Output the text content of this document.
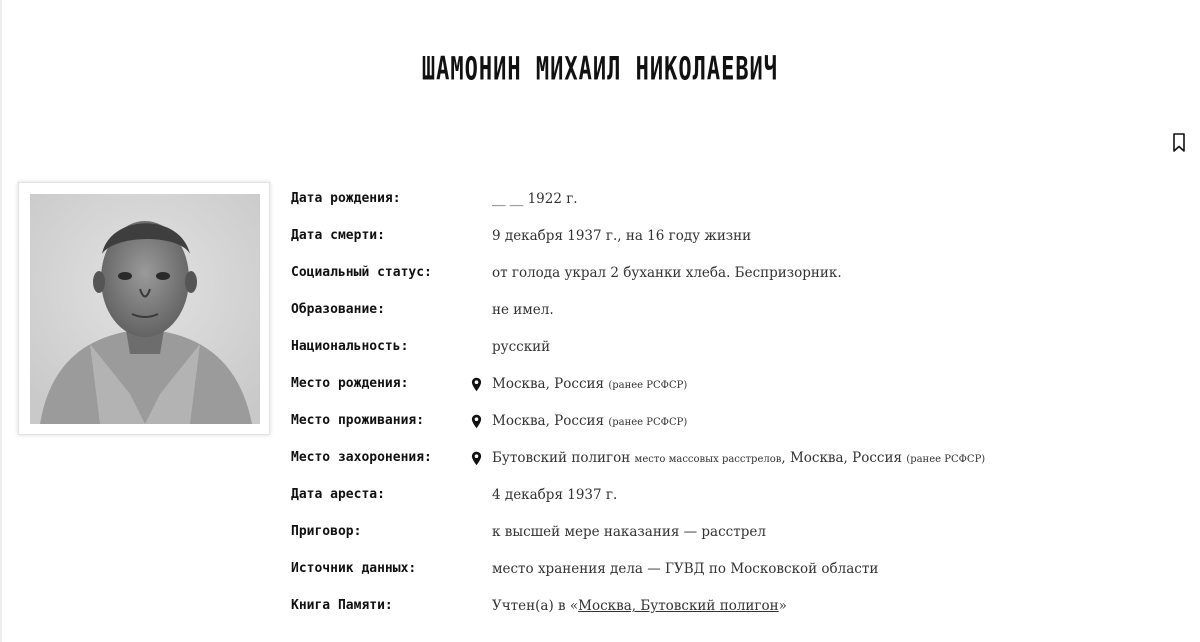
ШАМОНИН МИХАИЛ НИКОЛАЕВИЧ
Дата рождения:	__ __ 1922 г.
Дата смерти:	9 декабря 1937 г., на 16 году жизни
Социальный статус:	от голода украл 2 буханки хлеба. Беспризорник.
Образование:	не имел.
Национальность:	русский
Место рождения:	Москва, Россия (ранее РСФСР)
Место проживания:	Москва, Россия (ранее РСФСР)
Место захоронения:	Бутовский полигон место массовых расстрелов, Москва, Россия (ранее РСФСР)
Дата ареста:	4 декабря 1937 г.
Приговор:	к высшей мере наказания — расстрел
Источник данных:	место хранения дела — ГУВД по Московской области
Книга Памяти:	Учтен(а) в «Москва, Бутовский полигон»
